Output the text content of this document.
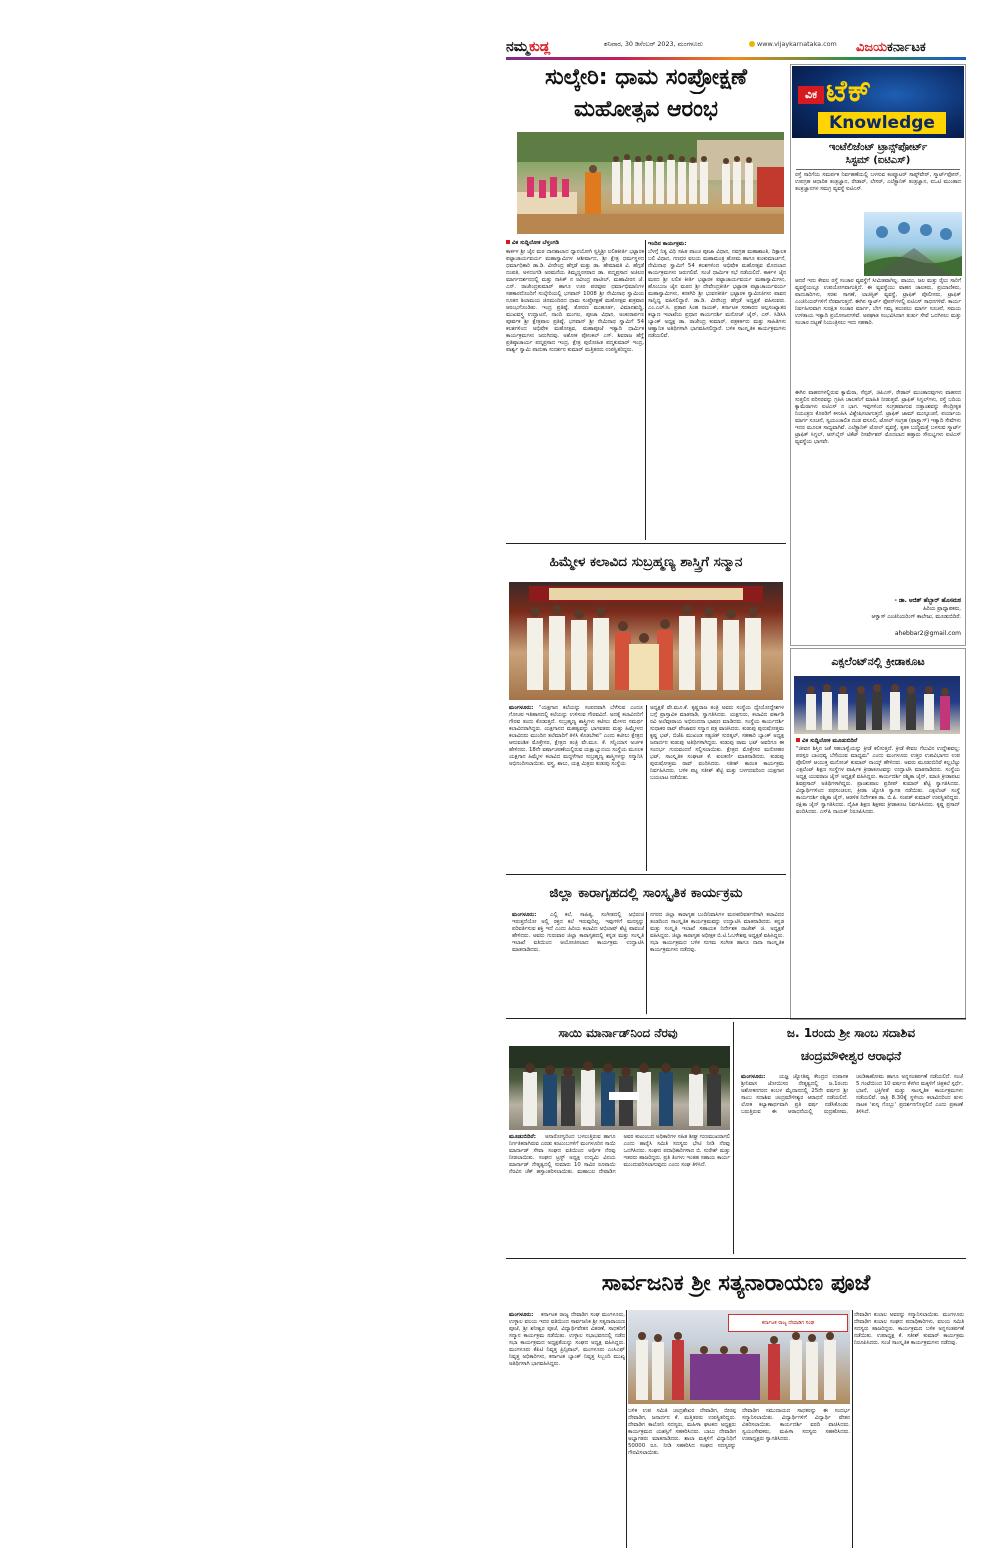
ನಮ್ಮಕುಡ್ಲ	ಶನಿವಾರ, 30 ಡಿಸೆಂಬರ್ 2023, ಮಂಗಳೂರು	www.vijaykarnataka.com ವಿಜಯಕರ್ನಾಟಕ
ಸುಲ್ಕೇರಿ: ಧಾಮ ಸಂಪ್ರೋಕ್ಷಣೆ
ಮಹೋತ್ಸವ ಆರಂಭ
ವಿಕ ಸುದ್ದಿಲೋಕ ಬೆಳ್ತಂಗಡಿ
ಕಾರ್ಕಳ ಶ್ರೀ ಜೈನ ಮಠ ದಾನಶಾಲಾದ ಧ್ಯಾನಯೋಗಿ ಸ್ವಸ್ತಿಶ್ರೀ ಲಲಿತಕೀರ್ತಿ ಭಟ್ಟಾರಕ ಪಟ್ಟಾಚಾರ್ಯವರ್ಯ ಮಹಾಸ್ವಾಮಿಗಳ ಆಶೀರ್ವಾದ, ಶ್ರೀ ಕ್ಷೇತ್ರ ಧರ್ಮಸ್ಥಳದ ಧರ್ಮಾಧಿಕಾರಿ ಡಾ.ಡಿ. ವೀರೇಂದ್ರ ಹೆಗ್ಗಡೆ ಮತ್ತು ಡಾ. ಹೇಮಾವತಿ ವಿ. ಹೆಗ್ಗಡೆ ದಂಪತಿ, ಅಳದಂಗಡಿ ಅರಮನೆಯ ತಿಮ್ಮಣ್ಣರಸರಾದ ಡಾ. ಪದ್ಮಪ್ರಸಾದ ಅಜಿಲರ ಮಾರ್ಗದರ್ಶನದಲ್ಲಿ ಮತ್ತು ನಾಸಿಕ್ ನ ರವೀಂದ್ರ ಪಾಟೀಲ್, ಮಹಾವೀರನ ಜೆ. ಎನ್. ರಾಜೇಂದ್ರಕುಮಾರ್ ಹಾಗೂ ಊರ ಪರವೂರ ಧರ್ಮಾಭಿಮಾನಿಗಳ ಸಹಕಾರದೊಂದಿಗೆ ಸುಲ್ಕೇರಿಯಲ್ಲಿ ಭಗವಾನ್ 1008 ಶ್ರೀ ನೇಮಿನಾಥ ಸ್ವಾಮಿಯ ನೂತನ ಶಿಲಾಮಯ ಜಿನಮಂದಿರದ ಧಾಮ ಸಂಪ್ರೋಕ್ಷಣೆ ಮಹೋತ್ಸವ ಶುಕ್ರವಾರ ಆರಂಭಗೊಂಡಿತು. ಇಂದ್ರ ಪ್ರತಿಷ್ಠೆ, ತೋರಣ ಮುಹೂರ್ತ, ವಿಮಾನಶುದ್ಧಿ, ಮುಖವಸ್ತ್ರ ಉದ್ಘಾಟನೆ, ನಾಂದಿ ಮಂಗಲ, ಪೂಜಾ ವಿಧಾನ, ಅಂಕುರಾರ್ಪಣ ಪೂರ್ವಕ ಶ್ರೀ ಕ್ಷೇತ್ರಪಾಲ ಪ್ರತಿಷ್ಠೆ, ಭಗವಾನ್ ಶ್ರೀ ನೇಮಿನಾಥ ಸ್ವಾಮಿಗೆ 54 ಕಲಶಗಳಿಂದ ಅಭಿಷೇಕ ಮಹೋತ್ಸವ, ಮಹಾಪೂಜೆ ಇತ್ಯಾದಿ ಧಾರ್ಮಿಕ ಕಾರ್ಯಕ್ರಮಗಳು ಜರುಗಿದವು. ಅಶೋಕ ಪೋಂಕಲ್ ಎಸ್. ಶಿವರಾಜ ಹೆಗ್ಡೆ ಪ್ರತಿಷ್ಠಾಚಾರ್ಯ ಪದ್ಮಪ್ರಸಾದ ಇಂದ್ರ, ಕ್ಷೇತ್ರ ಪುರೋಹಿತ ಪದ್ಮಕುಮಾರ್ ಇಂದ್ರ, ಪಾರ್ಶ್ವ ಸ್ವಾಮಿ ಪಾದುಕಾ ಸುದರ್ಶನ ಕುಮಾರ್ ಮತ್ತಿತರರು ಉಪಸ್ಥಿತರಿದ್ದರು.
ಇಂದಿನ ಕಾರ್ಯಕ್ರಮ:
ಬೆಳಗ್ಗೆ ನಿತ್ಯ ವಿಧಿ ಸಹಿತ ಪಾಂಚ ಪೂಜಾ ವಿಧಾನ, ನವಗ್ರಹ ಮಹಾಶಾಂತಿ, ದಿಕ್ಪಾಲಕ ಬಲಿ ವಿಧಾನ, ಗಣಧರ ವಲಯ ಮಹಾಮಂತ್ರ ಹೋಮ ಹಾಗೂ ಕುಂಕುಮಾರ್ಚನೆ, ನೇಮಿನಾಥ ಸ್ವಾಮಿಗೆ 54 ಕಲಶಗಳಿಂದ ಅಭಿಷೇಕ ಮಹೋತ್ಸವ ಮೊದಲಾದ ಕಾರ್ಯಕ್ರಮಗಳು ಜರುಗಲಿವೆ. ಸಂಜೆ ಧಾರ್ಮಿಕ ಸಭೆ ನಡೆಯಲಿದೆ. ಕಾರ್ಕಳ ಜೈನ ಮಠದ ಶ್ರೀ ಲಲಿತ ಕೀರ್ತಿ ಭಟ್ಟಾರಕ ಪಟ್ಟಾಚಾರ್ಯವರ್ಯ ಮಹಾಸ್ವಾಮಿಗಳು, ಹೊಂಬುಜ ಜೈನ ಮಠದ ಶ್ರೀ ದೇವೇಂದ್ರಕೀರ್ತಿ ಭಟ್ಟಾರಕ ಪಟ್ಟಾಚಾರ್ಯವರ್ಯ ಮಹಾಸ್ವಾಮಿಗಳು, ಕನಕಗಿರಿ ಶ್ರೀ ಭುವನಕೀರ್ತಿ ಭಟ್ಟಾರಕ ಸ್ವಾಮೀಜಿಗಳು ಪಾವನ ಸಾನ್ನಿಧ್ಯ ವಹಿಸಲಿದ್ದಾರೆ. ಡಾ.ಡಿ. ವೀರೇಂದ್ರ ಹೆಗ್ಗಡೆ ಅಧ್ಯಕ್ಷತೆ ವಹಿಸುವರು. ಎಂ.ಎಲ್.ಸಿ. ಪ್ರತಾಪ ಸಿಂಹ ನಾಯಕ್, ಕರ್ನಾಟಕ ಸರಕಾರದ ಅಲ್ಪಸಂಖ್ಯಾತರ ಕಲ್ಯಾಣ ಇಲಾಖೆಯ ಪ್ರಧಾನ ಕಾರ್ಯದರ್ಶಿ ಮನೋಜ್ ಜೈನ್, ಎಸ್. ಸಿಡಿಸಿಸಿ ಬ್ಯಾಂಕ್ ಅಧ್ಯಕ್ಷ ಡಾ. ರಾಜೇಂದ್ರ ಕುಮಾರ್, ಪತ್ರಕರ್ತರು ಮತ್ತು ಸಾಹಿತಿಗಳು ಆಹ್ವಾನಿತ ಅತಿಥಿಗಳಾಗಿ ಭಾಗವಹಿಸಲಿದ್ದಾರೆ. ಬಳಿಕ ಸಾಂಸ್ಕೃತಿಕ ಕಾರ್ಯಕ್ರಮಗಳು ನಡೆಯಲಿವೆ.
ವಿಕ ಟೆಕ್
Knowledge
ಇಂಟೆಲಿಜೆಂಟ್ ಟ್ರಾನ್ಸ್‌ಪೋರ್ಟ್
ಸಿಸ್ಟಮ್ (ಐಟಿಎಸ್)
ರಸ್ತೆ ಸಾರಿಗೆಯ ಸಮರ್ಪಕ ನಿರ್ವಹಣೆಯಲ್ಲಿ ಬಳಸುವ ಕಂಪ್ಯೂಟರ್ ಸಾಫ್ಟ್‌ವೇರ್, ಸ್ಮಾರ್ಟ್‌ಫೋನ್, ಉಪಗ್ರಹ ಆಧಾರಿತ ತಂತ್ರಜ್ಞಾನ, ರೇಡಾರ್, ಲೇಸರ್, ಎಲೆಕ್ಟ್ರಾನಿಕ್ ತಂತ್ರಜ್ಞಾನ, ಐಒಟಿ ಮುಂತಾದ ತಂತ್ರಜ್ಞಾನಗಳ ಸಮಗ್ರ ವ್ಯವಸ್ಥೆ ಐಟಿಎಸ್.
ಆದರೆ ಇದು ಕೇವಲ ರಸ್ತೆ ಸಂಚಾರ ವ್ಯವಸ್ಥೆಗೆ ಸೀಮಿತವಾಗಿಲ್ಲ. ವಾಯು, ಜಲ ಮತ್ತು ರೈಲು ಸಾರಿಗೆ ವ್ಯವಸ್ಥೆಯಲ್ಲೂ ಉಪಯೋಗವಾಗುತ್ತಿದೆ. ಈ ವ್ಯವಸ್ಥೆಯು ವಾಹನ ಚಾಲಕರು, ಪ್ರಯಾಣಿಕರು, ಪಾದಚಾರಿಗಳು, ಸರಕು ಸಾಗಣೆ, ಲಾಜಿಸ್ಟಿಕ್ ವ್ಯವಸ್ಥೆ, ಟ್ರಾಫಿಕ್ ಪೊಲೀಸರು, ಟ್ರಾಫಿಕ್ ಎಂಜಿನಿಯರ್‌ಗಳಿಗೆ ನೆರವಾಗುತ್ತದೆ. ಈಗಿನ ಸ್ಮಾರ್ಟ್ ಫೋನ್‌ಗಳಲ್ಲಿ ಐಟಿಎಸ್ ಸಾಧನಗಳಿವೆ. ಕಾರ್ಯ ನಿರ್ವಹಿಸುವಾಗ ಸುರಕ್ಷಿತ ಸಂಚಾರ ಮಾರ್ಗ, ಬೇಗ ಗಮ್ಯ ತಲುಪಲು ಮಾರ್ಗ ಸೂಚನೆ, ಸಮಯ ಉಳಿತಾಯ ಇತ್ಯಾದಿ ಪ್ರಯೋಜನಗಳಿವೆ. ಅಪಘಾತ ಸಂಭವಿಸಿದಾಗ ತುರ್ತು ಸೇವೆ ಒದಗಿಸಲು ಮತ್ತು ಸಂಚಾರ ದಟ್ಟಣೆ ನಿಯಂತ್ರಿಸಲು ಇದು ಸಹಕಾರಿ.
ಈಗಿನ ವಾಹನಗಳಲ್ಲಿರುವ ಕ್ಯಾಮೆರಾ, ಸೆನ್ಸರ್, ಜಿಪಿಎಸ್, ರೇಡಾರ್ ಮುಂತಾದವುಗಳು ವಾಹನದ ಸುತ್ತಲಿನ ಪರಿಸರವನ್ನು ಗ್ರಹಿಸಿ ಚಾಲಕನಿಗೆ ಮಾಹಿತಿ ನೀಡುತ್ತವೆ. ಟ್ರಾಫಿಕ್ ಸಿಗ್ನಲ್‌ಗಳು, ರಸ್ತೆ ಬದಿಯ ಕ್ಯಾಮೆರಾಗಳು ಐಟಿಎಸ್ ನ ಭಾಗ. ಇವುಗಳಿಂದ ಸಂಗ್ರಹವಾಗುವ ದತ್ತಾಂಶವನ್ನು ಕೇಂದ್ರೀಕೃತ ನಿಯಂತ್ರಣ ಕೊಠಡಿಗೆ ಕಳುಹಿಸಿ ವಿಶ್ಲೇಷಿಸಲಾಗುತ್ತದೆ. ಟ್ರಾಫಿಕ್ ಜಾಮ್ ಮುನ್ಸೂಚನೆ, ಪರ್ಯಾಯ ಮಾರ್ಗ ಸೂಚನೆ, ಸ್ವಯಂಚಾಲಿತ ದಂಡ ವಸೂಲಿ, ಟೋಲ್ ಸಂಗ್ರಹ (ಫಾಸ್ಟ್ಯಾಗ್) ಇತ್ಯಾದಿ ಸೇವೆಗಳು ಇದರ ಮೂಲಕ ಸಾಧ್ಯವಾಗಿವೆ. ಎಲೆಕ್ಟ್ರಾನಿಕ್ ಟೋಲ್ ವ್ಯವಸ್ಥೆ, ಕೃತಕ ಬುದ್ಧಿಮತ್ತೆ ಬಳಸುವ ಸ್ಮಾರ್ಟ್ ಟ್ರಾಫಿಕ್ ಸಿಗ್ನಲ್, ಆನ್‌ಲೈನ್ ಟಿಕೆಟ್ ರಿಸರ್ವೇಶನ್ ಮೊದಲಾದ ಹತ್ತಾರು ಸೌಲಭ್ಯಗಳು ಐಟಿಎಸ್ ವ್ಯವಸ್ಥೆಯ ಭಾಗವೇ.
- ಡಾ. ಅಜಿತ್ ಹೆಬ್ಬಾರ್ ಹೊಸಮಠ
ಹಿರಿಯ ಪ್ರಾಧ್ಯಾಪಕರು,
ಆಳ್ವಾಸ್ ಎಂಜಿನಿಯರಿಂಗ್ ಕಾಲೇಜು, ಮೂಡುಬಿದಿರೆ.
ahebbar2@gmail.com
ಹಿಮ್ಮೇಳ ಕಲಾವಿದ ಸುಬ್ರಹ್ಮಣ್ಯ ಶಾಸ್ತ್ರಿಗೆ ಸನ್ಮಾನ
ಮಂಗಳೂರು:	"ಯಕ್ಷಗಾನ ಕಲೆಯನ್ನು ಸಂಪದವಾಗಿ ಬೆಳೆಸುವ ಎಂದೂ ಗೋಚರ ಇತಿಹಾಸದಲ್ಲಿ ಕಲೆಯನ್ನು ಉಳಿಸುವ ಗೌರವವಿದೆ. ಅದಕ್ಕೆ ಕಲಾವಿದರಿಗೆ ಗೌರವ ತಂದು ಕೊಡುತ್ತದೆ. ಸುಬ್ರಹ್ಮಣ್ಯ ಶಾಸ್ತ್ರಿಗಳು ಕಟೀಲು ಮೇಳದ ಸಮರ್ಥ ಕಲಾವಿದರಾಗಿದ್ದರು. ಯಕ್ಷಗಾನದ ಮಹತ್ವವನ್ನು ಭಾಗವತರು ಮತ್ತು ಹಿಮ್ಮೇಳದ ಕಲಾವಿದರು ಮುಂದಿನ ತಲೆಮಾರಿಗೆ ತಿಳಿಸಿ ಕೊಡಬೇಕು" ಎಂದು ಕಟೀಲು ಕ್ಷೇತ್ರದ ಆನುವಂಶಿಕ ಮೊಕ್ತೇಸರ, ಕ್ಷೇತ್ರದ ತಂತ್ರಿ ವೇ.ಮೂ. ಕೆ. ಸನ್ನಿಯಾಸ ಅರ್ಚಕ ಹೇಳಿದರು. 18ನೇ ವರ್ಷಾಚರಣೆಯಲ್ಲಿರುವ ಯಕ್ಷಾಭ್ಯುದಯ ಸಂಸ್ಥೆಯ ಮೂಲಕ ಯಕ್ಷಗಾನ ಹಿಮ್ಮೇಳ ಕಲಾವಿದ ಮದ್ದಳೆಗಾರ ಸುಬ್ರಹ್ಮಣ್ಯ ಶಾಸ್ತ್ರಿಗಳನ್ನು ಸನ್ಮಾನಿಸಿ ಅಭಿನಂದಿಸಲಾಯಿತು. ವಸ್ತ್ರ, ಶಾಲು, ಯಕ್ಷ ಮಿತ್ರರು ಕುಡುಪು ಸಂಸ್ಥೆಯ
ಅಧ್ಯಕ್ಷತೆ ವೇ.ಮೂ.ಕೆ. ಕೃಷ್ಣರಾಜ ತಂತ್ರಿ ಅವರು ಸಂಸ್ಥೆಯ ಧ್ಯೇಯೋದ್ದೇಶಗಳ ಬಗ್ಗೆ ಪ್ರಾಸ್ತಾವಿಕ ಮಾತನಾಡಿ, ಸ್ವಾಗತಿಸಿದರು. ಯಕ್ಷಗುರು, ಕಲಾವಿದ ವರ್ಕಾಡಿ ರವಿ ಅಲೆವೂರಾಯ ಅಭಿನಂದನಾ ಭಾಷಣ ಮಾಡಿದರು. ಸಂಸ್ಥೆಯ ಕಾರ್ಯದರ್ಶಿ ಸುಧಾಕರ ರಾವ್ ಪೇಜಾವರ ಸನ್ಮಾನ ಪತ್ರ ವಾಚಿಸಿದರು. ಕುಡುಪು ಪುರುಷೋತ್ತಮ ಕೃಷ್ಣ ಭಟ್, ಬಿಜೆಪಿ ಮುಖಂಡ ಸತ್ಯಜಿತ್ ಸುರತ್ಕಲ್, ಸಹಕಾರಿ ಬ್ಯಾಂಕ್ ಅಧ್ಯಕ್ಷ ಜನಾರ್ದನ ಕುಡುಪು ಅತಿಥಿಗಳಾಗಿದ್ದರು. ಕುಡುಪು ರಾಮ ಭಟ್ ಅವರಿಗೂ ಈ ಸಂದರ್ಭ ಗುರುವಂದನೆ ಸಲ್ಲಿಸಲಾಯಿತು. ಕ್ಷೇತ್ರದ ಮೊಕ್ತೇಸರ ಮನೋಹರ ಭಟ್, ಸಾಂಸ್ಕೃತಿಕ ಸಂಘಟಕ ಕೆ. ಕುಲಕರ್ಣಿ ಮಾತನಾಡಿದರು. ಕುಡುಪು ಪುರುಷೋತ್ತಮ ರಾವ್ ವಂದಿಸಿದರು. ಸತೀಶ್ ಕಾರಂತ ಕಾರ್ಯಕ್ರಮ ನಿರ್ವಹಿಸಿದರು. ಬಳಿಕ ಪಟ್ಲ ಸತೀಶ್ ಶೆಟ್ಟಿ ಮತ್ತು ಬಳಗದವರಿಂದ ಯಕ್ಷಗಾನ ಬಯಲಾಟ ನಡೆಯಿತು.
ಜಿಲ್ಲಾ ಕಾರಾಗೃಹದಲ್ಲಿ ಸಾಂಸ್ಕೃತಿಕ ಕಾರ್ಯಕ್ರಮ
ಮಂಗಳೂರು:	ಎಲ್ಲಿ ಕಲೆ, ಸಾಹಿತ್ಯ, ಸಂಗೀತದಲ್ಲಿ ಅಭಿರುಚಿ ಇರುತ್ತದೆಯೋ ಅಲ್ಲಿ ರಕ್ತದ ಕಲೆ ಇರುವುದಿಲ್ಲ. ಇವುಗಳಿಗೆ ಮನಸ್ಸನ್ನು ಪರಿವರ್ತಿಸುವ ಶಕ್ತಿ ಇದೆ ಎಂದು ಹಿರಿಯ ಕಲಾವಿದ ಅಭಿಲಾಷ್ ಶೆಟ್ಟಿ ಪಾವಂಜೆ ಹೇಳಿದರು. ಅವರು ಗುರುವಾರ ಜಿಲ್ಲಾ ಕಾರಾಗೃಹದಲ್ಲಿ ಕನ್ನಡ ಮತ್ತು ಸಂಸ್ಕೃತಿ ಇಲಾಖೆ ವತಿಯಿಂದ ಆಯೋಜಿಸಲಾದ ಕಾರ್ಯಕ್ರಮ ಉದ್ಘಾಟಿಸಿ ಮಾತನಾಡಿದರು.
ನಗರದ ಜಿಲ್ಲಾ ಕಾರಾಗೃಹ ಬಂದಿನಿವಾಸಿಗಳ ಮನಃಪರಿವರ್ತನೆಗಾಗಿ ಕಲಾವಿದರ ತಂಡದಿಂದ ಸಾಂಸ್ಕೃತಿಕ ಕಾರ್ಯಕ್ರಮವನ್ನು ಉದ್ಘಾಟಿಸಿ ಮಾತನಾಡಿದರು. ಕನ್ನಡ ಮತ್ತು ಸಂಸ್ಕೃತಿ ಇಲಾಖೆ ಸಹಾಯಕ ನಿರ್ದೇಶಕ ರಾಜೇಶ್ ಜಿ. ಅಧ್ಯಕ್ಷತೆ ವಹಿಸಿದ್ದರು. ಜಿಲ್ಲಾ ಕಾರಾಗೃಹ ಅಧೀಕ್ಷಕ ಬಿ.ಟಿ.ಓಬಳೇಶಪ್ಪ ಅಧ್ಯಕ್ಷತೆ ವಹಿಸಿದ್ದರು. ಸಭಾ ಕಾರ್ಯಕ್ರಮದ ಬಳಿಕ ಸುಗಮ ಸಂಗೀತ ಹಾಗೂ ನಾನಾ ಸಾಂಸ್ಕೃತಿಕ ಕಾರ್ಯಕ್ರಮಗಳು ನಡೆದವು.
ಎಕ್ಸಲೆಂಟ್‌ನಲ್ಲಿ ಕ್ರೀಡಾಕೂಟ
ವಿಕ ಸುದ್ದಿಲೋಕ ಮೂಡುಬಿದಿರೆ
"ಜೀವನ ಶಿಸ್ತಿನ ಜತೆ ಸಹಬಾಳ್ವೆಯನ್ನು ಕ್ರೀಡೆ ಕಲಿಸುತ್ತದೆ. ಕ್ರೀಡೆ ಕೇವಲ ಗೆಲುವಿನ ಉದ್ದೇಶವಲ್ಲ; ಪರಸ್ಪರ ಬಾಂಧವ್ಯ ಬೆಸೆಯುವ ಮಾಧ್ಯಮ" ಎಂದು ಮಂಗಳೂರು ಉತ್ತರ ಉಪವಿಭಾಗದ ಉಪ ಪೊಲೀಸ್ ಆಯುಕ್ತ ಮನೋಜ್ ಕುಮಾರ್ ನಾಯ್ಕ್ ಹೇಳಿದರು. ಅವರು ಮೂಡುಬಿದಿರೆ ಕಲ್ಲಬೆಟ್ಟು ಎಕ್ಸಲೆಂಟ್ ಶಿಕ್ಷಣ ಸಂಸ್ಥೆಗಳ ವಾರ್ಷಿಕ ಕ್ರೀಡಾಕೂಟವನ್ನು ಉದ್ಘಾಟಿಸಿ ಮಾತನಾಡಿದರು. ಸಂಸ್ಥೆಯ ಅಧ್ಯಕ್ಷ ಯುವರಾಜ ಜೈನ್ ಅಧ್ಯಕ್ಷತೆ ವಹಿಸಿದ್ದರು. ಕಾರ್ಯದರ್ಶಿ ರಶ್ಮಿತಾ ಜೈನ್, ಮಾಜಿ ಕ್ರೀಡಾಪಟು ಶಿವಪ್ರಸಾದ್ ಅತಿಥಿಗಳಾಗಿದ್ದರು. ಪ್ರಾಂಶುಪಾಲ ಪ್ರದೀಪ್ ಕುಮಾರ್ ಶೆಟ್ಟಿ ಸ್ವಾಗತಿಸಿದರು. ವಿದ್ಯಾರ್ಥಿಗಳಿಂದ ಪಥಸಂಚಲನ, ಕ್ರೀಡಾ ಜ್ಯೋತಿ ಸ್ವಾಗತ ನಡೆಯಿತು. ಎಕ್ಸಲೆಂಟ್ ಸಂಸ್ಥೆ ಕಾರ್ಯದರ್ಶಿ ರಶ್ಮಿತಾ ಜೈನ್, ಆಡಳಿತ ನಿರ್ದೇಶಕ ಡಾ. ಬಿ.ಪಿ. ಸಂಪತ್ ಕುಮಾರ್ ಉಪಸ್ಥಿತರಿದ್ದರು. ರಕ್ಷಿತಾ ಜೈನ್ ಸ್ವಾಗತಿಸಿದರು. ದೈಹಿಕ ಶಿಕ್ಷಣ ಶಿಕ್ಷಕರು ಕ್ರೀಡಾಕೂಟ ನಿರ್ವಹಿಸಿದರು. ಕೃಷ್ಣ ಪ್ರಸಾದ್ ವಂದಿಸಿದರು. ಎಸ್‌ಪಿ ನಾಯಕ್ ನಿರೂಪಿಸಿದರು.
ಸಾಯಿ ಮಾರ್ನಾಡ್‌ನಿಂದ ನೆರವು
ಮೂಡುಬಿದಿರೆ:	ಅನಾರೋಗ್ಯದಿಂದ ಬಳಲುತ್ತಿರುವ ಹಾಗೂ ನಿರ್ಗತಿಕರಾಗಿರುವ ಎರಡು ಕುಟುಂಬಗಳಿಗೆ ಮಂಗಳೂರಿನ ಸಾಯಿ ಮಾರ್ನಾಡ್ ಸೇವಾ ಸಂಘದ ವತಿಯಿಂದ ಆರ್ಥಿಕ ನೆರವು ನೀಡಲಾಯಿತು. ಸಂಘದ ಟ್ರಸ್ಟ್ ಅಧ್ಯಕ್ಷ ಉದ್ಯಮಿ ವಿನಯ ಮಾರ್ನಾಡ್ ನೇತೃತ್ವದಲ್ಲಿ ಸುಮಾರು 10 ಸಾವಿರ ರೂಪಾಯಿ ನೆರವಿನ ಚೆಕ್ ಹಸ್ತಾಂತರಿಸಲಾಯಿತು. ಮಹಾಬಲ ದೇವಾಡಿಗ ಅವರ ಕುಟುಂಬದ ಅಧಿಕಾರಿಗಳ ಸಹಿತ ಶೀಘ್ರ ಗುಣಮುಖರಾಗಲಿ ಎಂದು ಹಾರೈಸಿ ಸಮಿತಿ ಸದಸ್ಯರು ಭೇಟಿ ನೀಡಿ ನೆರವು ಒದಗಿಸಿದರು. ಸಂಘದ ಪದಾಧಿಕಾರಿಗಳಾದ ಬಿ. ಸುರೇಶ್ ಮತ್ತು ಇತರರು ಹಾಜರಿದ್ದರು. ಪ್ರತಿ ತಿಂಗಳು ಇಂತಹ ಸಹಾಯ ಕಾರ್ಯ ಮುಂದುವರಿಸಲಾಗುವುದು ಎಂದು ಸಂಘ ತಿಳಿಸಿದೆ.
ಜ. 1ರಂದು ಶ್ರೀ ಸಾಂಬ ಸದಾಶಿವ
ಚಂದ್ರಮೌಳೀಶ್ವರ ಆರಾಧನೆ
ಮಂಗಳೂರು:	ಯಜ್ಞ ಜ್ಯೋತಿಷ್ಯ ಕೇಂದ್ರದ ಉಪಾಸಕ ಶ್ರೀನಿವಾಸ ಜೋಯಿಸರ ನೇತೃತ್ವದಲ್ಲಿ ಜ.1ರಂದು ಅಶೋಕನಗರದ ಕಂಬಳ ಮೈದಾನದಲ್ಲಿ 25ನೇ ವರ್ಷದ ಶ್ರೀ ಸಾಂಬ ಸದಾಶಿವ ಚಂದ್ರಮೌಳೀಶ್ವರ ಆರಾಧನೆ ನಡೆಯಲಿದೆ. ಲೋಕ ಕಲ್ಯಾಣಾರ್ಥವಾಗಿ ಪ್ರತಿ ವರ್ಷ ನಡೆಸಿಕೊಂಡು ಬರುತ್ತಿರುವ ಈ ಆರಾಧನೆಯಲ್ಲಿ ರುದ್ರಹೋಮ, ಚಂಡಿಕಾಹೋಮ ಹಾಗೂ ಅನ್ನಸಂತರ್ಪಣೆ ನಡೆಯಲಿದೆ. ಸಂಜೆ 5 ಗಂಟೆಯಿಂದ 10 ವರ್ಷದ ಕೆಳಗಿನ ಮಕ್ಕಳಿಗೆ ಚಿತ್ರಕಲೆ ಸ್ಪರ್ಧೆ, ಭಜನೆ, ಭಕ್ತಿಗೀತೆ ಮತ್ತು ಸಾಂಸ್ಕೃತಿಕ ಕಾರ್ಯಕ್ರಮಗಳು ನಡೆಯಲಿವೆ. ರಾತ್ರಿ 8.30ಕ್ಕೆ ಸ್ಥಳೀಯ ಕಲಾವಿದರಿಂದ ತುಳು ನಾಟಕ 'ಕುಸ್ಕ ಗೊಬ್ಬು' ಪ್ರದರ್ಶನಗೊಳ್ಳಲಿದೆ ಎಂದು ಪ್ರಕಟಣೆ ತಿಳಿಸಿದೆ.
ಸಾರ್ವಜನಿಕ ಶ್ರೀ ಸತ್ಯನಾರಾಯಣ ಪೂಜೆ
ಮಂಗಳೂರು:	ಕರ್ನಾಟಕ ರಾಜ್ಯ ದೇವಾಡಿಗ ಸಂಘ ಮಂಗಳೂರು, ಉಳ್ಳಾಲ ವಲಯ ಇದರ ವತಿಯಿಂದ ಸಾರ್ವಜನಿಕ ಶ್ರೀ ಸತ್ಯನಾರಾಯಣ ಪೂಜೆ, ಶ್ರೀ ಶನೀಶ್ವರ ಪೂಜೆ, ವಿದ್ಯಾರ್ಥಿವೇತನ ವಿತರಣೆ, ಸಾಧಕರಿಗೆ ಸನ್ಮಾನ ಕಾರ್ಯಕ್ರಮ ನಡೆಯಿತು. ಉಳ್ಳಾಲ ಸಭಾಭವನದಲ್ಲಿ ನಡೆದ ಸಭಾ ಕಾರ್ಯಕ್ರಮದ ಅಧ್ಯಕ್ಷತೆಯನ್ನು ಸಂಘದ ಅಧ್ಯಕ್ಷ ವಹಿಸಿದ್ದರು. ಮಂಗಳೂರು ಕೆಪಿಟಿ ನಿವೃತ್ತ ಪ್ರಿನ್ಸಿಪಾಲ್, ಮಂಗಳೂರು ಎಂಸಿಎಫ್ ನಿವೃತ್ತ ಅಧಿಕಾರಿಗಳು, ಕರ್ನಾಟಕ ಬ್ಯಾಂಕ್ ನಿವೃತ್ತ ಸಿಬ್ಬಂದಿ ಮುಖ್ಯ ಅತಿಥಿಗಳಾಗಿ ಭಾಗವಹಿಸಿದ್ದರು.
ಕರ್ನಾಟಕ ರಾಜ್ಯ ದೇವಾಡಿಗ ಸಂಘ
ಬಳಿಕ ಉಪ ಸಮಿತಿ ಚಂದ್ರಶೇಖರ ದೇವಾಡಿಗ, ಬೀರಪ್ಪ ದೇವಾಡಿಗ, ಜನಾರ್ದನ ಕೆ. ಮತ್ತಿತರರು ಉಪಸ್ಥಿತರಿದ್ದರು. ದೇವಾಡಿಗ ಕಾಲೋನಿ ಸದಸ್ಯರು, ಮಹಿಳಾ ಘಟಕದ ಅಧ್ಯಕ್ಷರು ಕಾರ್ಯಕ್ರಮದ ಯಶಸ್ಸಿಗೆ ಸಹಕರಿಸಿದರು. ಬಾಬು ದೇವಾಡಿಗ ಅಭ್ಯಾಗತರು ಮಾತನಾಡಿದರು. ಶಾಲಾ ಮಕ್ಕಳಿಗೆ ವಿದ್ಯಾನಿಧಿಗೆ 50000 ರೂ. ನೀಡಿ ಸಹಕರಿಸಿದ ಸಂಘದ ಸದಸ್ಯರನ್ನು ಗೌರವಿಸಲಾಯಿತು.
ದೇವಾಡಿಗ ಸಮುದಾಯದ ಸಾಧಕರನ್ನು ಈ ಸಂದರ್ಭ ಸನ್ಮಾನಿಸಲಾಯಿತು. ವಿದ್ಯಾರ್ಥಿಗಳಿಗೆ ವಿದ್ಯಾರ್ಥಿ ವೇತನ ವಿತರಿಸಲಾಯಿತು. ಕಾರ್ಯದರ್ಶಿ ವರದಿ ವಾಚಿಸಿದರು. ಸ್ವಯಂಸೇವಕರು, ಮಹಿಳಾ ಸದಸ್ಯರು ಸಹಕರಿಸಿದರು. ಉಪಾಧ್ಯಕ್ಷರು ಸ್ವಾಗತಿಸಿದರು.
ದೇವಾಡಿಗ ಕುಲಾಲ ಅವರನ್ನು ಸನ್ಮಾನಿಸಲಾಯಿತು. ಮಂಗಳೂರು ದೇವಾಡಿಗ ಕುಲಾಲ ಸಂಘದ ಪದಾಧಿಕಾರಿಗಳು, ವಲಯ ಸಮಿತಿ ಸದಸ್ಯರು ಹಾಜರಿದ್ದರು. ಕಾರ್ಯಕ್ರಮದ ಬಳಿಕ ಅನ್ನಸಂತರ್ಪಣೆ ನಡೆಯಿತು. ಉಪಾಧ್ಯಕ್ಷ ಕೆ. ಸತೀಶ್ ಕುಮಾರ್ ಕಾರ್ಯಕ್ರಮ ನಿರೂಪಿಸಿದರು. ಸಂಜೆ ಸಾಂಸ್ಕೃತಿಕ ಕಾರ್ಯಕ್ರಮಗಳು ನಡೆದವು.
